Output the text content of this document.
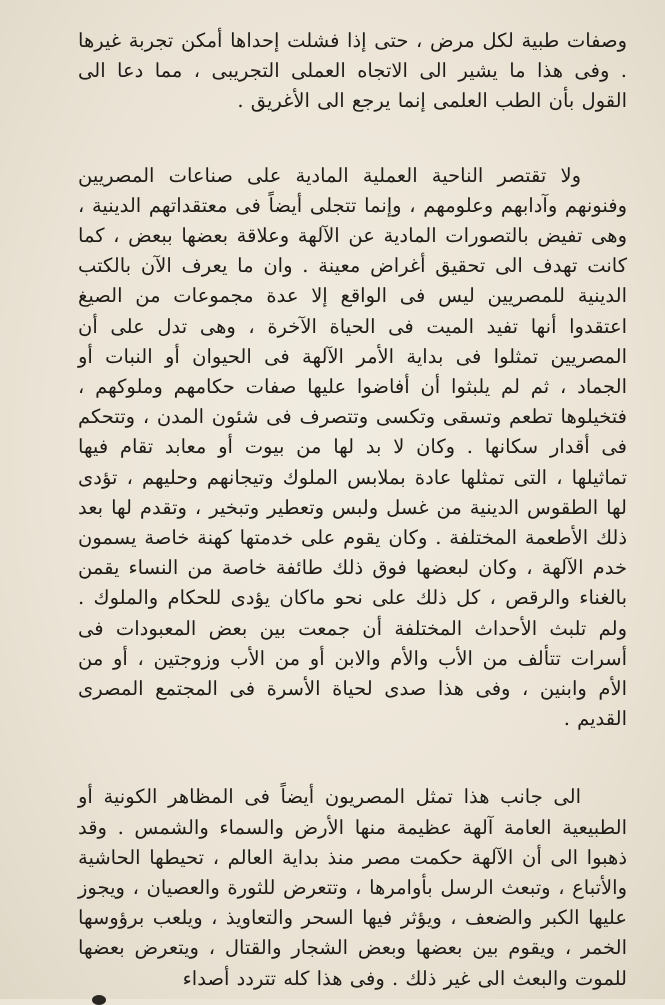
وصفات طبية لكل مرض ، حتى إذا فشلت إحداها أمكن تجربة غيرها . وفى هذا ما يشير الى الاتجاه العملى التجريبى ، مما دعا الى القول بأن الطب العلمى إنما يرجع الى الأغريق .

ولا تقتصر الناحية العملية المادية على صناعات المصريين وفنونهم وآدابهم وعلومهم ، وإنما تتجلى أيضاً فى معتقداتهم الدينية ، وهى تفيض بالتصورات المادية عن الآلهة وعلاقة بعضها ببعض ، كما كانت تهدف الى تحقيق أغراض معينة . وان ما يعرف الآن بالكتب الدينية للمصريين ليس فى الواقع إلا عدة مجموعات من الصيغ اعتقدوا أنها تفيد الميت فى الحياة الآخرة ، وهى تدل على أن المصريين تمثلوا فى بداية الأمر الآلهة فى الحيوان أو النبات أو الجماد ، ثم لم يلبثوا أن أفاضوا عليها صفات حكامهم وملوكهم ، فتخيلوها تطعم وتسقى وتكسى وتتصرف فى شئون المدن ، وتتحكم فى أقدار سكانها . وكان لا بد لها من بيوت أو معابد تقام فيها تماثيلها ، التى تمثلها عادة بملابس الملوك وتيجانهم وحليهم ، تؤدى لها الطقوس الدينية من غسل ولبس وتعطير وتبخير ، وتقدم لها بعد ذلك الأطعمة المختلفة . وكان يقوم على خدمتها كهنة خاصة يسمون خدم الآلهة ، وكان لبعضها فوق ذلك طائفة خاصة من النساء يقمن بالغناء والرقص ، كل ذلك على نحو ماكان يؤدى للحكام والملوك . ولم تلبث الأحداث المختلفة أن جمعت بين بعض المعبودات فى أسرات تتألف من الأب والأم والابن أو من الأب وزوجتين ، أو من الأم وابنين ، وفى هذا صدى لحياة الأسرة فى المجتمع المصرى القديم .

الى جانب هذا تمثل المصريون أيضاً فى المظاهر الكونية أو الطبيعية العامة آلهة عظيمة منها الأرض والسماء والشمس . وقد ذهبوا الى أن الآلهة حكمت مصر منذ بداية العالم ، تحيطها الحاشية والأتباع ، وتبعث الرسل بأوامرها ، وتتعرض للثورة والعصيان ، ويجوز عليها الكبر والضعف ، ويؤثر فيها السحر والتعاويذ ، ويلعب برؤوسها الخمر ، ويقوم بين بعضها وبعض الشجار والقتال ، ويتعرض بعضها للموت والبعث الى غير ذلك . وفى هذا كله تتردد أصداء
